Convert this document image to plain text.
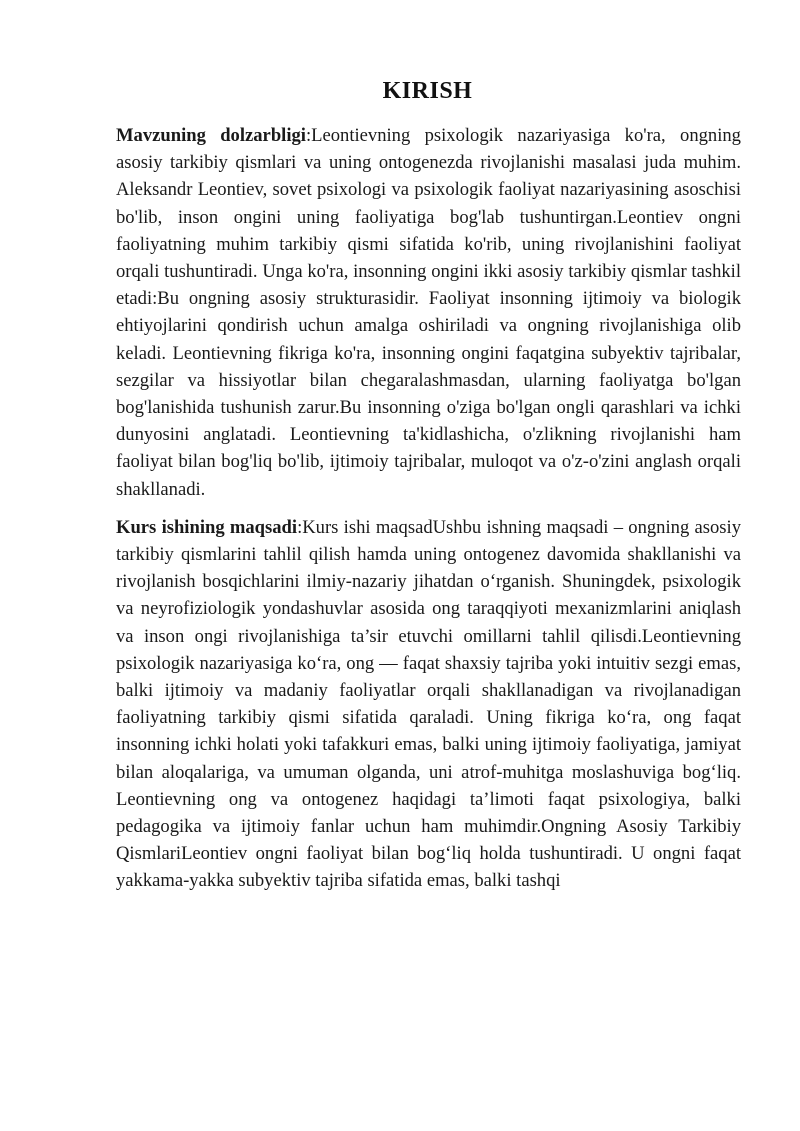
KIRISH

Mavzuning dolzarbligi:Leontievning psixologik nazariyasiga ko'ra, ongning asosiy tarkibiy qismlari va uning ontogenezda rivojlanishi masalasi juda muhim. Aleksandr Leontiev, sovet psixologi va psixologik faoliyat nazariyasining asoschisi bo'lib, inson ongini uning faoliyatiga bog'lab tushuntirgan.Leontiev ongni faoliyatning muhim tarkibiy qismi sifatida ko'rib, uning rivojlanishini faoliyat orqali tushuntiradi. Unga ko'ra, insonning ongini ikki asosiy tarkibiy qismlar tashkil etadi:Bu ongning asosiy strukturasidir. Faoliyat insonning ijtimoiy va biologik ehtiyojlarini qondirish uchun amalga oshiriladi va ongning rivojlanishiga olib keladi. Leontievning fikriga ko'ra, insonning ongini faqatgina subyektiv tajribalar, sezgilar va hissiyotlar bilan chegaralashmasdan, ularning faoliyatga bo'lgan bog'lanishida tushunish zarur.Bu insonning o'ziga bo'lgan ongli qarashlari va ichki dunyosini anglatadi. Leontievning ta'kidlashicha, o'zlikning rivojlanishi ham faoliyat bilan bog'liq bo'lib, ijtimoiy tajribalar, muloqot va o'z-o'zini anglash orqali shakllanadi.

Kurs ishining maqsadi:Kurs ishi maqsadUshbu ishning maqsadi – ongning asosiy tarkibiy qismlarini tahlil qilish hamda uning ontogenez davomida shakllanishi va rivojlanish bosqichlarini ilmiy-nazariy jihatdan o‘rganish. Shuningdek, psixologik va neyrofiziologik yondashuvlar asosida ong taraqqiyoti mexanizmlarini aniqlash va inson ongi rivojlanishiga ta’sir etuvchi omillarni tahlil qilisdi.Leontievning psixologik nazariyasiga ko‘ra, ong — faqat shaxsiy tajriba yoki intuitiv sezgi emas, balki ijtimoiy va madaniy faoliyatlar orqali shakllanadigan va rivojlanadigan faoliyatning tarkibiy qismi sifatida qaraladi. Uning fikriga ko‘ra, ong faqat insonning ichki holati yoki tafakkuri emas, balki uning ijtimoiy faoliyatiga, jamiyat bilan aloqalariga, va umuman olganda, uni atrof-muhitga moslashuviga bog‘liq. Leontievning ong va ontogenez haqidagi ta’limoti faqat psixologiya, balki pedagogika va ijtimoiy fanlar uchun ham muhimdir.Ongning Asosiy Tarkibiy QismlariLeontiev ongni faoliyat bilan bog‘liq holda tushuntiradi. U ongni faqat yakkama-yakka subyektiv tajriba sifatida emas, balki tashqi
